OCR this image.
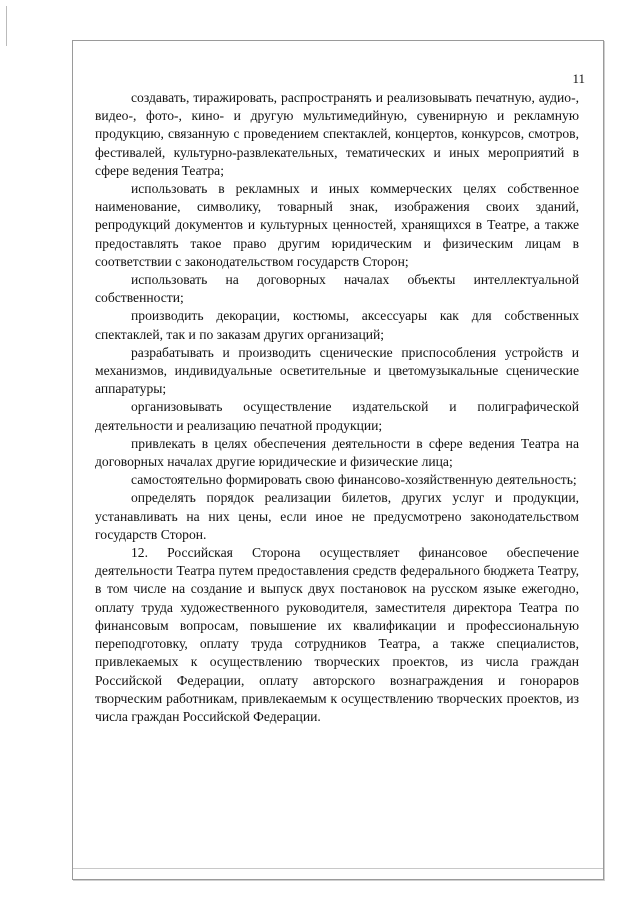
11

создавать, тиражировать, распространять и реализовывать печатную, аудио-, видео-, фото-, кино- и другую мультимедийную, сувенирную и рекламную продукцию, связанную с проведением спектаклей, концертов, конкурсов, смотров, фестивалей, культурно-развлекательных, тематических и иных мероприятий в сфере ведения Театра;

использовать в рекламных и иных коммерческих целях собственное наименование, символику, товарный знак, изображения своих зданий, репродукций документов и культурных ценностей, хранящихся в Театре, а также предоставлять такое право другим юридическим и физическим лицам в соответствии с законодательством государств Сторон;

использовать на договорных началах объекты интеллектуальной собственности;

производить декорации, костюмы, аксессуары как для собственных спектаклей, так и по заказам других организаций;

разрабатывать и производить сценические приспособления устройств и механизмов, индивидуальные осветительные и цветомузыкальные сценические аппаратуры;

организовывать осуществление издательской и полиграфической деятельности и реализацию печатной продукции;

привлекать в целях обеспечения деятельности в сфере ведения Театра на договорных началах другие юридические и физические лица;

самостоятельно формировать свою финансово-хозяйственную деятельность;

определять порядок реализации билетов, других услуг и продукции, устанавливать на них цены, если иное не предусмотрено законодательством государств Сторон.

12. Российская Сторона осуществляет финансовое обеспечение деятельности Театра путем предоставления средств федерального бюджета Театру, в том числе на создание и выпуск двух постановок на русском языке ежегодно, оплату труда художественного руководителя, заместителя директора Театра по финансовым вопросам, повышение их квалификации и профессиональную переподготовку, оплату труда сотрудников Театра, а также специалистов, привлекаемых к осуществлению творческих проектов, из числа граждан Российской Федерации, оплату авторского вознаграждения и гонораров творческим работникам, привлекаемым к осуществлению творческих проектов, из числа граждан Российской Федерации.
